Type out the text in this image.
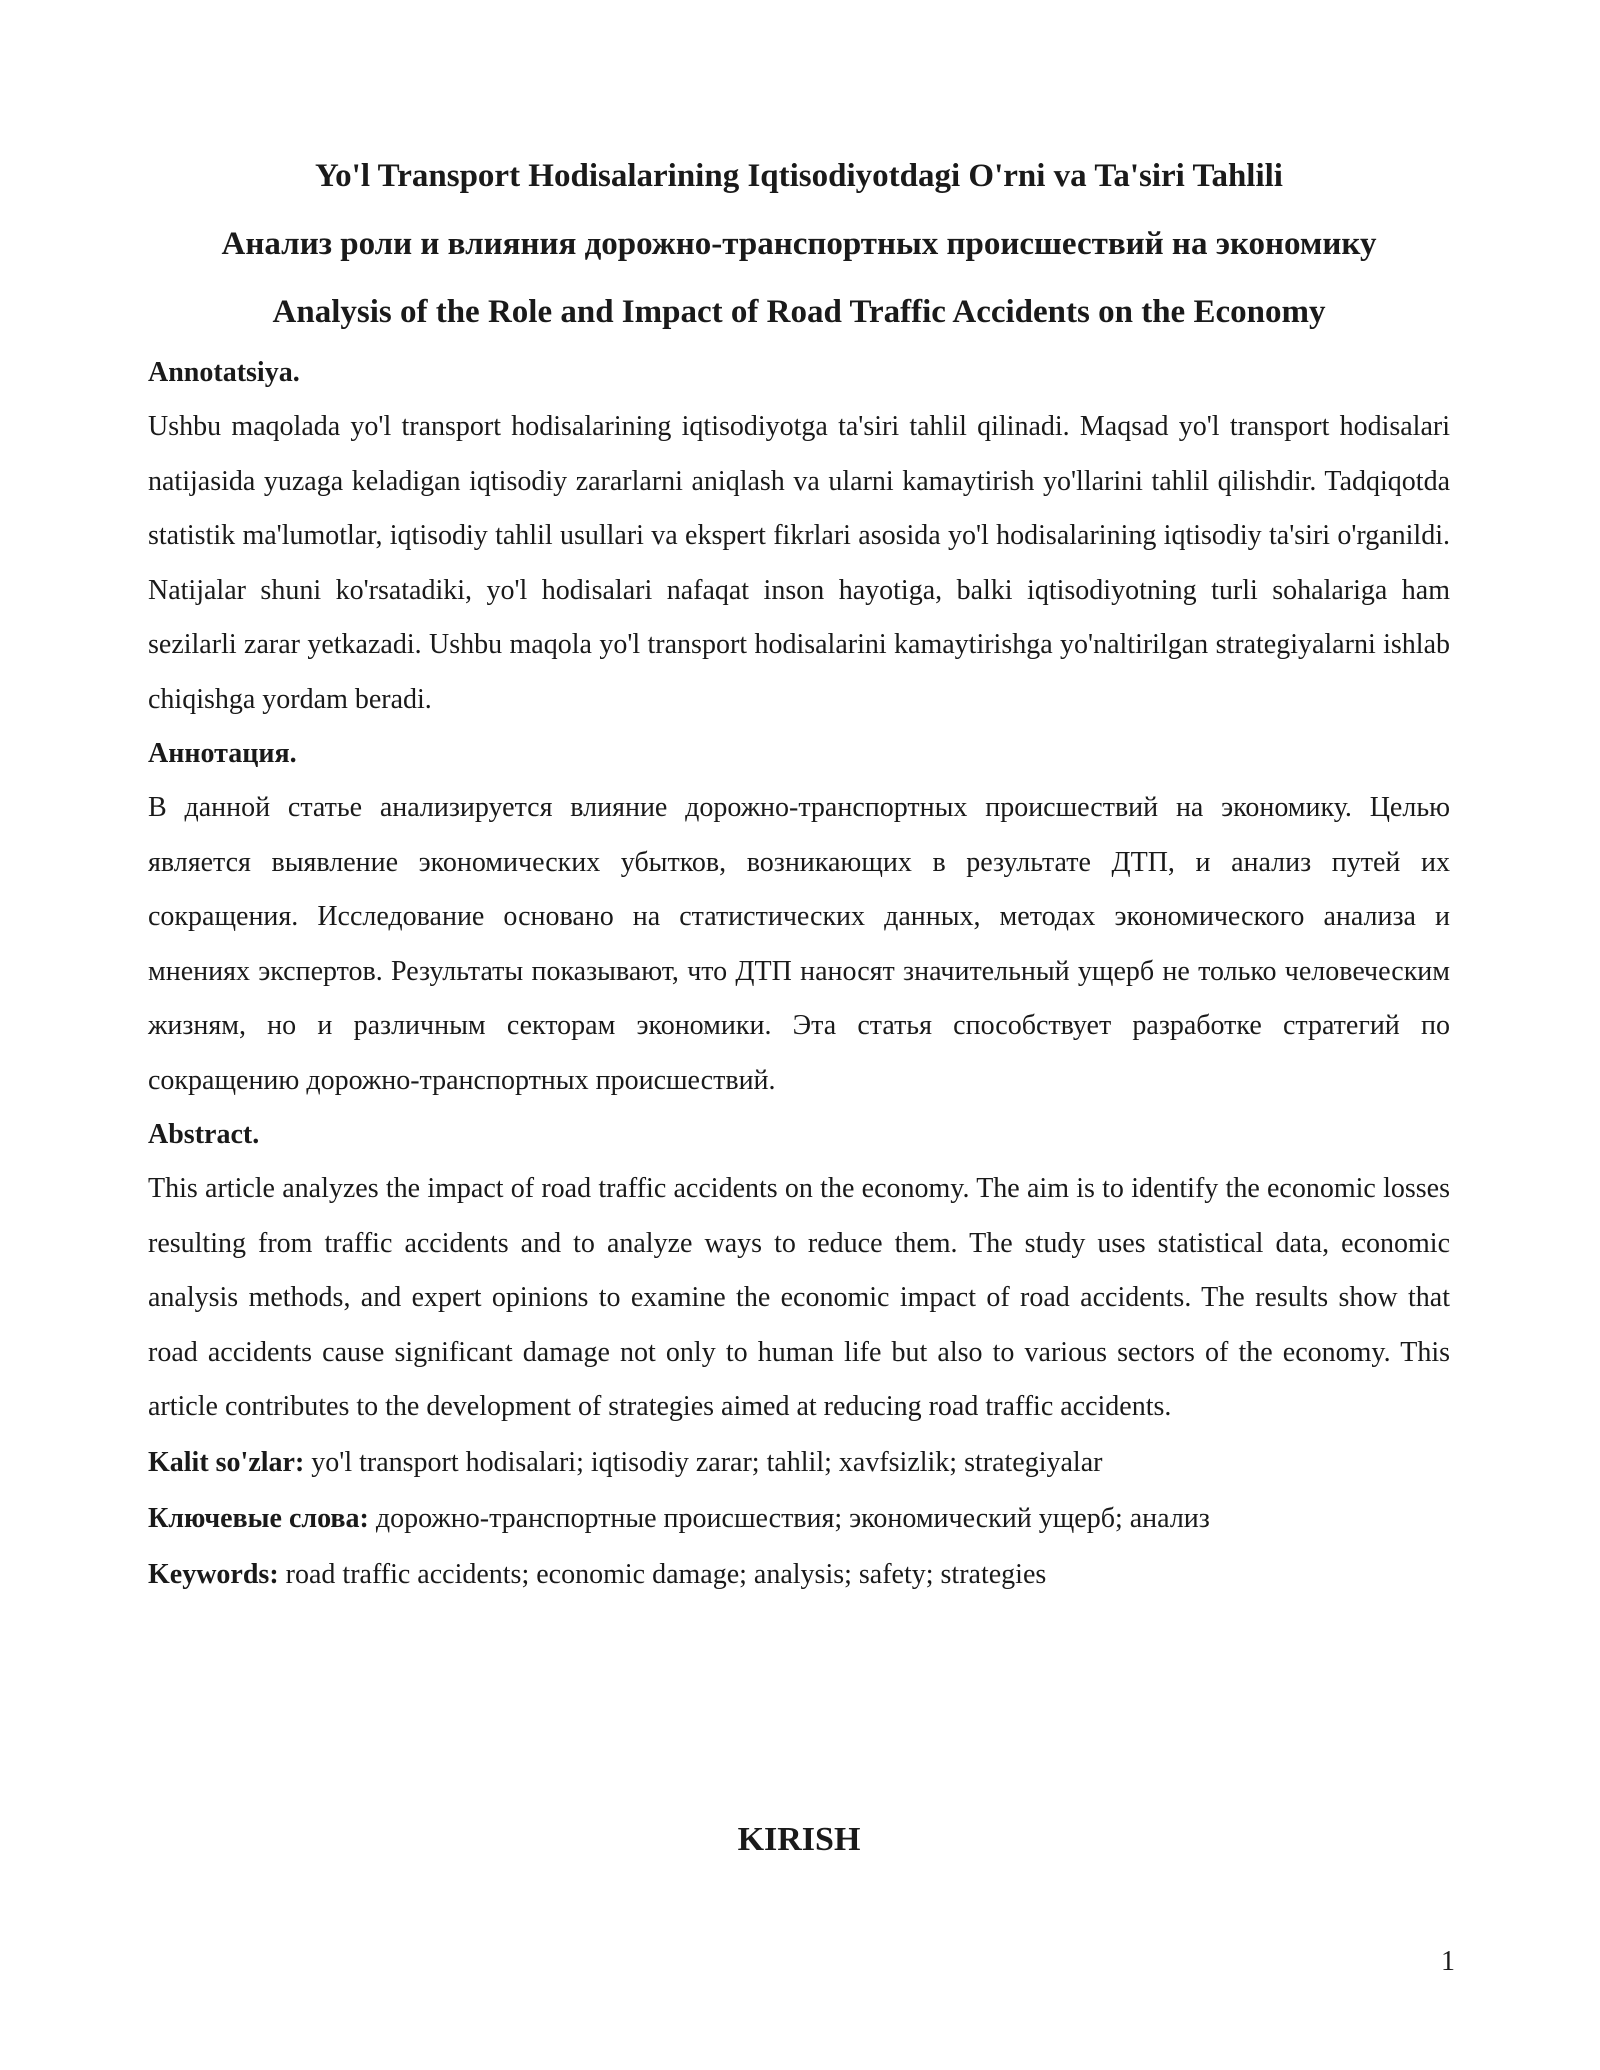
Yo'l Transport Hodisalarining Iqtisodiyotdagi O'rni va Ta'siri Tahlili
Анализ роли и влияния дорожно-транспортных происшествий на экономику
Analysis of the Role and Impact of Road Traffic Accidents on the Economy

Annotatsiya.

Ushbu maqolada yo'l transport hodisalarining iqtisodiyotga ta'siri tahlil qilinadi. Maqsad yo'l transport hodisalari natijasida yuzaga keladigan iqtisodiy zararlarni aniqlash va ularni kamaytirish yo'llarini tahlil qilishdir. Tadqiqotda statistik ma'lumotlar, iqtisodiy tahlil usullari va ekspert fikrlari asosida yo'l hodisalarining iqtisodiy ta'siri o'rganildi. Natijalar shuni ko'rsatadiki, yo'l hodisalari nafaqat inson hayotiga, balki iqtisodiyotning turli sohalariga ham sezilarli zarar yetkazadi. Ushbu maqola yo'l transport hodisalarini kamaytirishga yo'naltirilgan strategiyalarni ishlab chiqishga yordam beradi.

Аннотация.

В данной статье анализируется влияние дорожно-транспортных происшествий на экономику. Целью является выявление экономических убытков, возникающих в результате ДТП, и анализ путей их сокращения. Исследование основано на статистических данных, методах экономического анализа и мнениях экспертов. Результаты показывают, что ДТП наносят значительный ущерб не только человеческим жизням, но и различным секторам экономики. Эта статья способствует разработке стратегий по сокращению дорожно-транспортных происшествий.

Abstract.

This article analyzes the impact of road traffic accidents on the economy. The aim is to identify the economic losses resulting from traffic accidents and to analyze ways to reduce them. The study uses statistical data, economic analysis methods, and expert opinions to examine the economic impact of road accidents. The results show that road accidents cause significant damage not only to human life but also to various sectors of the economy. This article contributes to the development of strategies aimed at reducing road traffic accidents.

Kalit so'zlar: yo'l transport hodisalari; iqtisodiy zarar; tahlil; xavfsizlik; strategiyalar

Ключевые слова: дорожно-транспортные происшествия; экономический ущерб; анализ

Keywords: road traffic accidents; economic damage; analysis; safety; strategies

KIRISH
1
